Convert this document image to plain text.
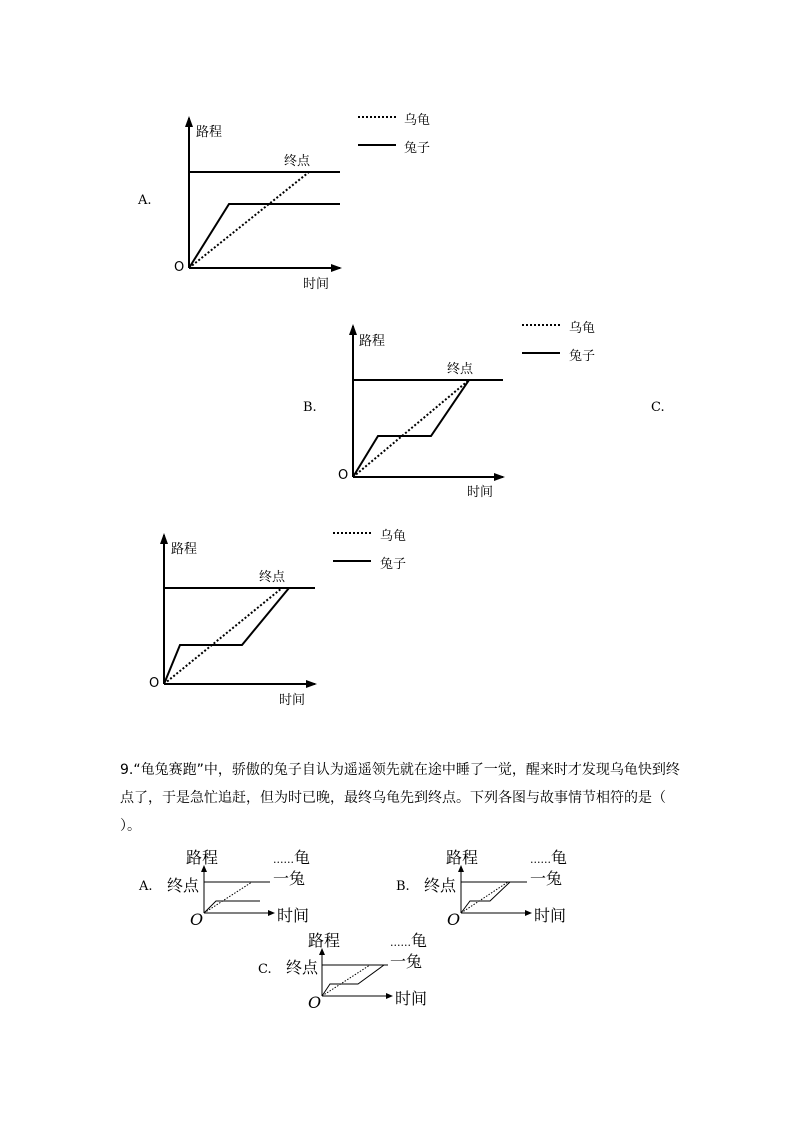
A.
路程
终点
O
时间
乌龟
兔子
B.	C.
路程
终点
O
时间
乌龟
兔子
路程
终点
O
时间
乌龟
兔子
9.“龟兔赛跑”中，骄傲的兔子自认为遥遥领先就在途中睡了一觉，醒来时才发现乌龟快到终点了，于是急忙追赶，但为时已晚，最终乌龟先到终点。下列各图与故事情节相符的是（ ）。
A.
路程
终点
O	时间
......龟
一兔	B.
路程
终点
O	时间
......龟
一兔
C.
路程
终点
O	时间
......龟
一兔
